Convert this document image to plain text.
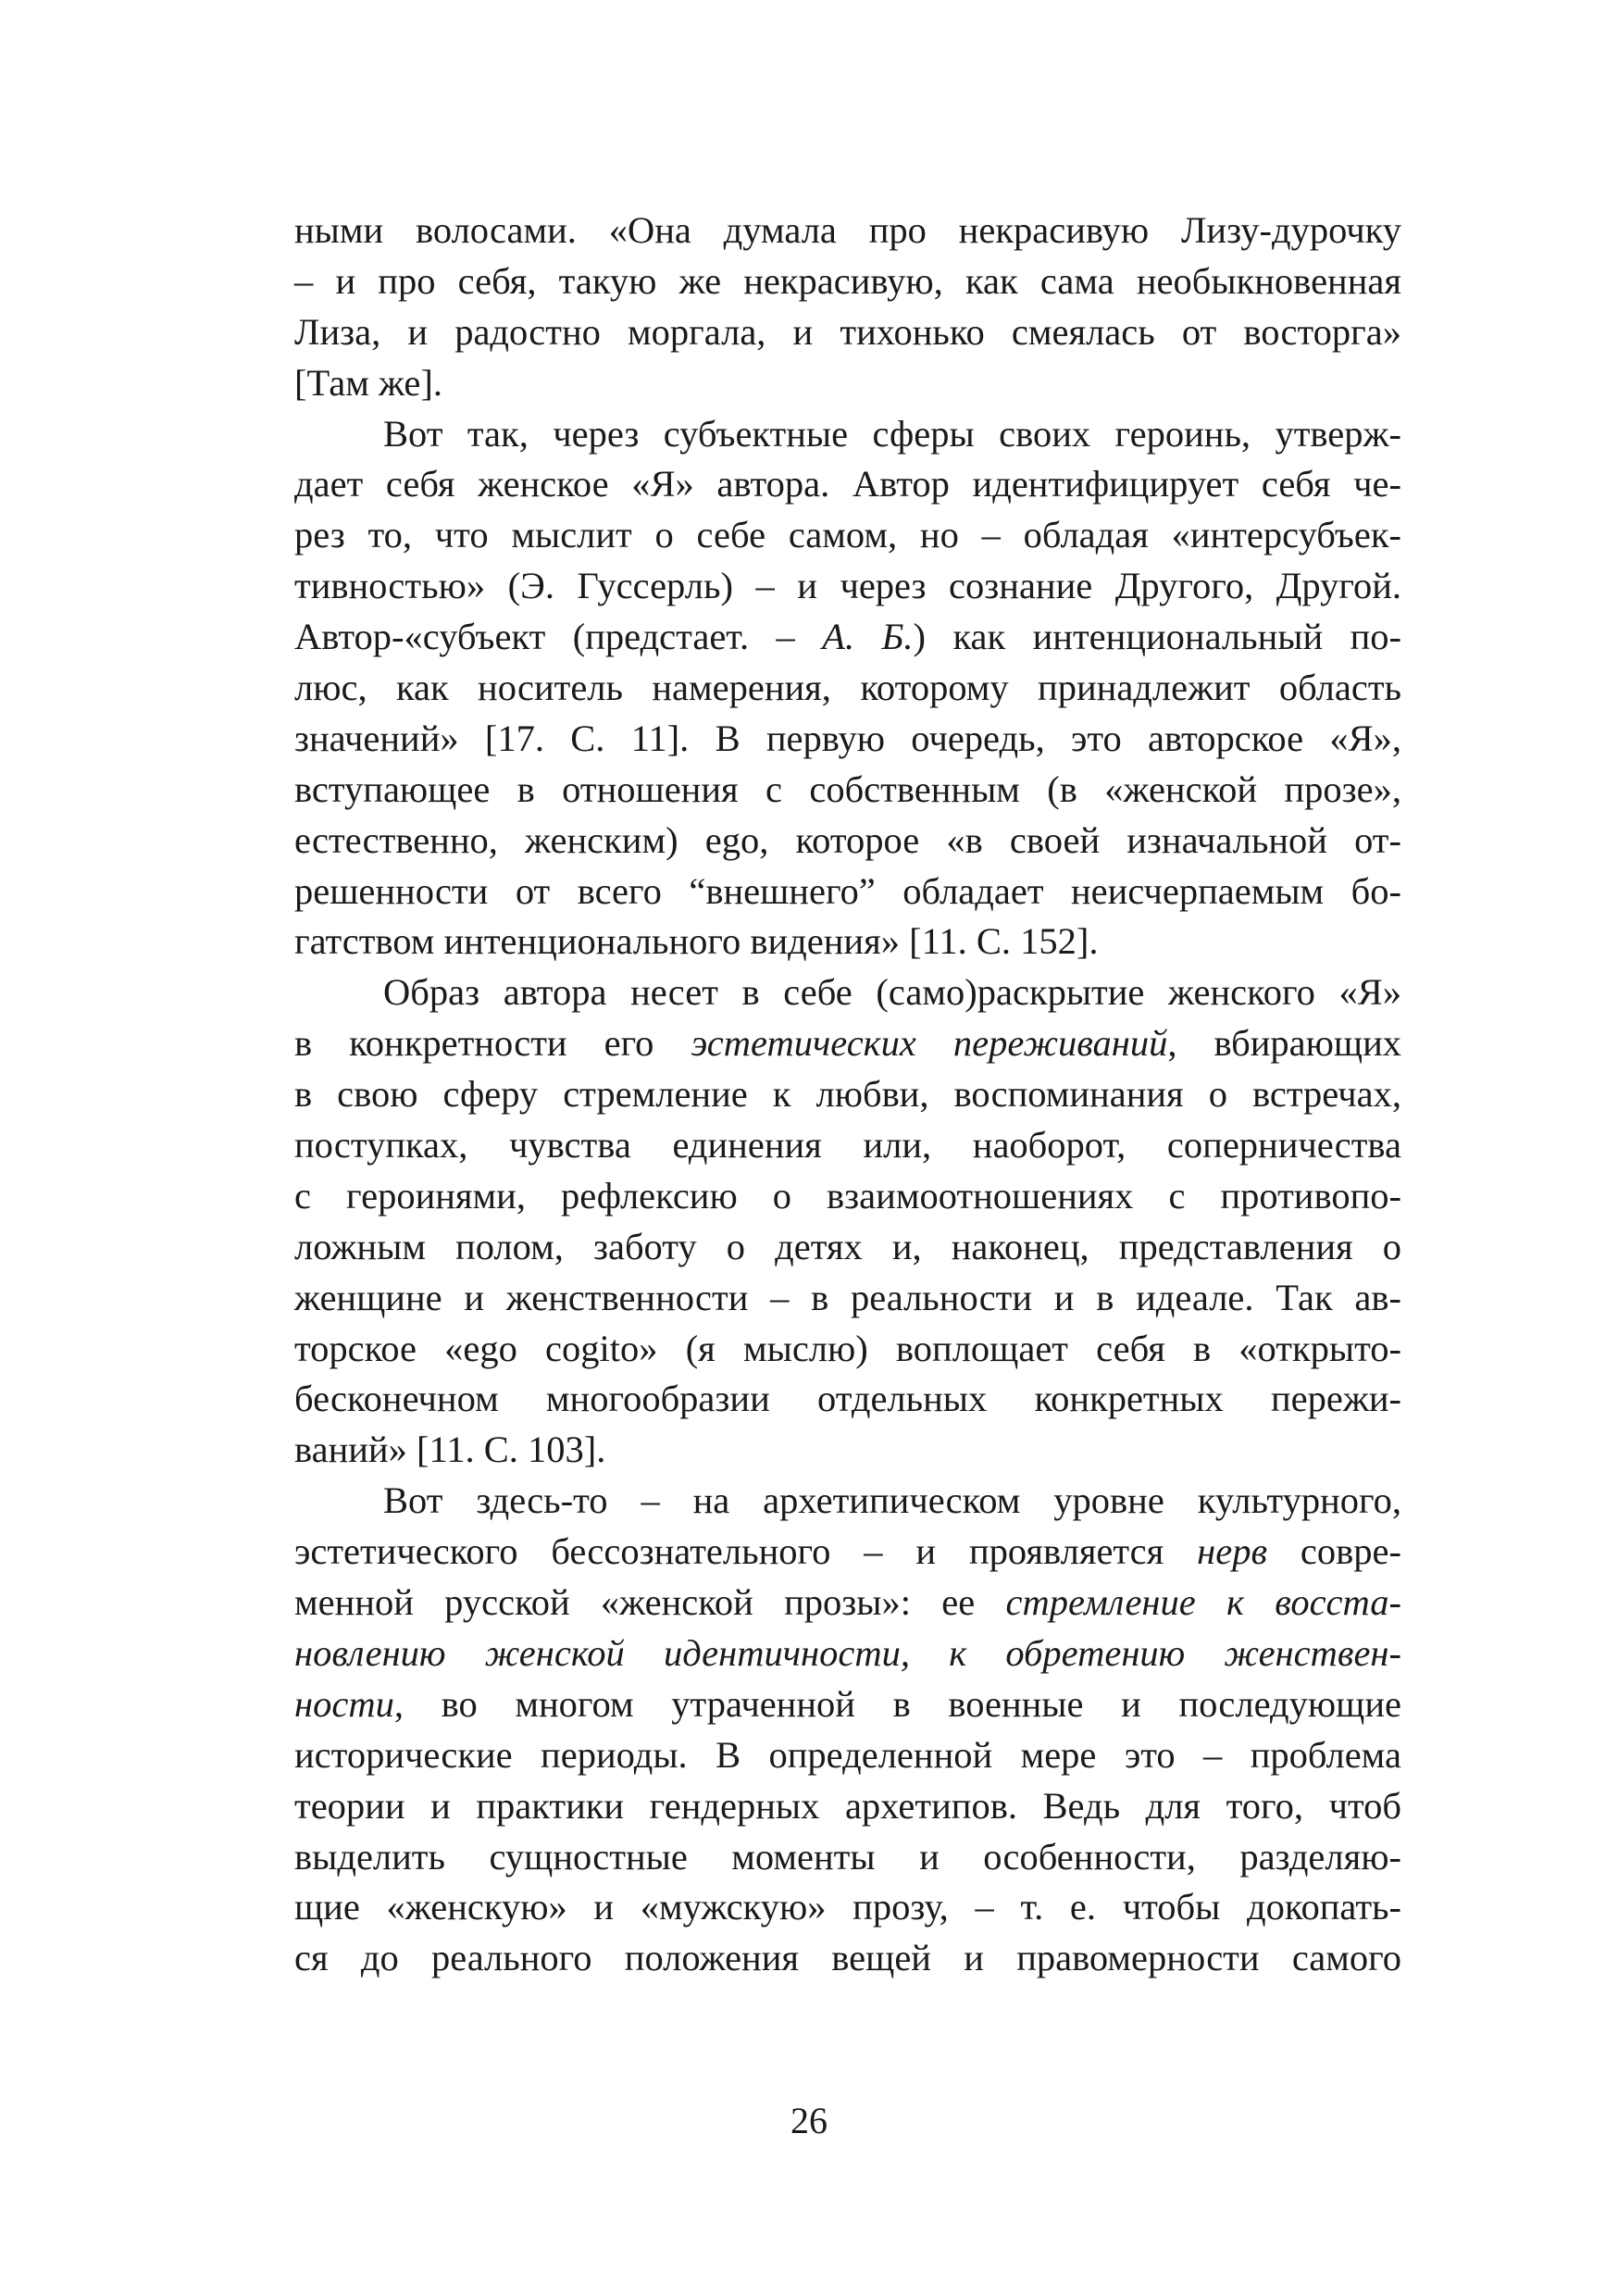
ными волосами. «Она думала про некрасивую Лизу-дурочку
– и про себя, такую же некрасивую, как сама необыкновенная
Лиза, и радостно моргала, и тихонько смеялась от восторга»
[Там же].
Вот так, через субъектные сферы своих героинь, утверж-
дает себя женское «Я» автора. Автор идентифицирует себя че-
рез то, что мыслит о себе самом, но – обладая «интерсубъек-
тивностью» (Э. Гуссерль) – и через сознание Другого, Другой.
Автор-«субъект (предстает. – А. Б.) как интенциональный по-
люс, как носитель намерения, которому принадлежит область
значений» [17. С. 11]. В первую очередь, это авторское «Я»,
вступающее в отношения с собственным (в «женской прозе»,
естественно, женским) ego, которое «в своей изначальной от-
решенности от всего “внешнего” обладает неисчерпаемым бо-
гатством интенционального видения» [11. С. 152].
Образ автора несет в себе (само)раскрытие женского «Я»
в конкретности его эстетических переживаний, вбирающих
в свою сферу стремление к любви, воспоминания о встречах,
поступках, чувства единения или, наоборот, соперничества
с героинями, рефлексию о взаимоотношениях с противопо-
ложным полом, заботу о детях и, наконец, представления о
женщине и женственности – в реальности и в идеале. Так ав-
торское «ego cogito» (я мыслю) воплощает себя в «открыто-
бесконечном многообразии отдельных конкретных пережи-
ваний» [11. С. 103].
Вот здесь-то – на архетипическом уровне культурного,
эстетического бессознательного – и проявляется нерв совре-
менной русской «женской прозы»: ее стремление к восста-
новлению женской идентичности, к обретению женствен-
ности, во многом утраченной в военные и последующие
исторические периоды. В определенной мере это – проблема
теории и практики гендерных архетипов. Ведь для того, чтоб
выделить сущностные моменты и особенности, разделяю-
щие «женскую» и «мужскую» прозу, – т. е. чтобы докопать-
ся до реального положения вещей и правомерности самого
26
